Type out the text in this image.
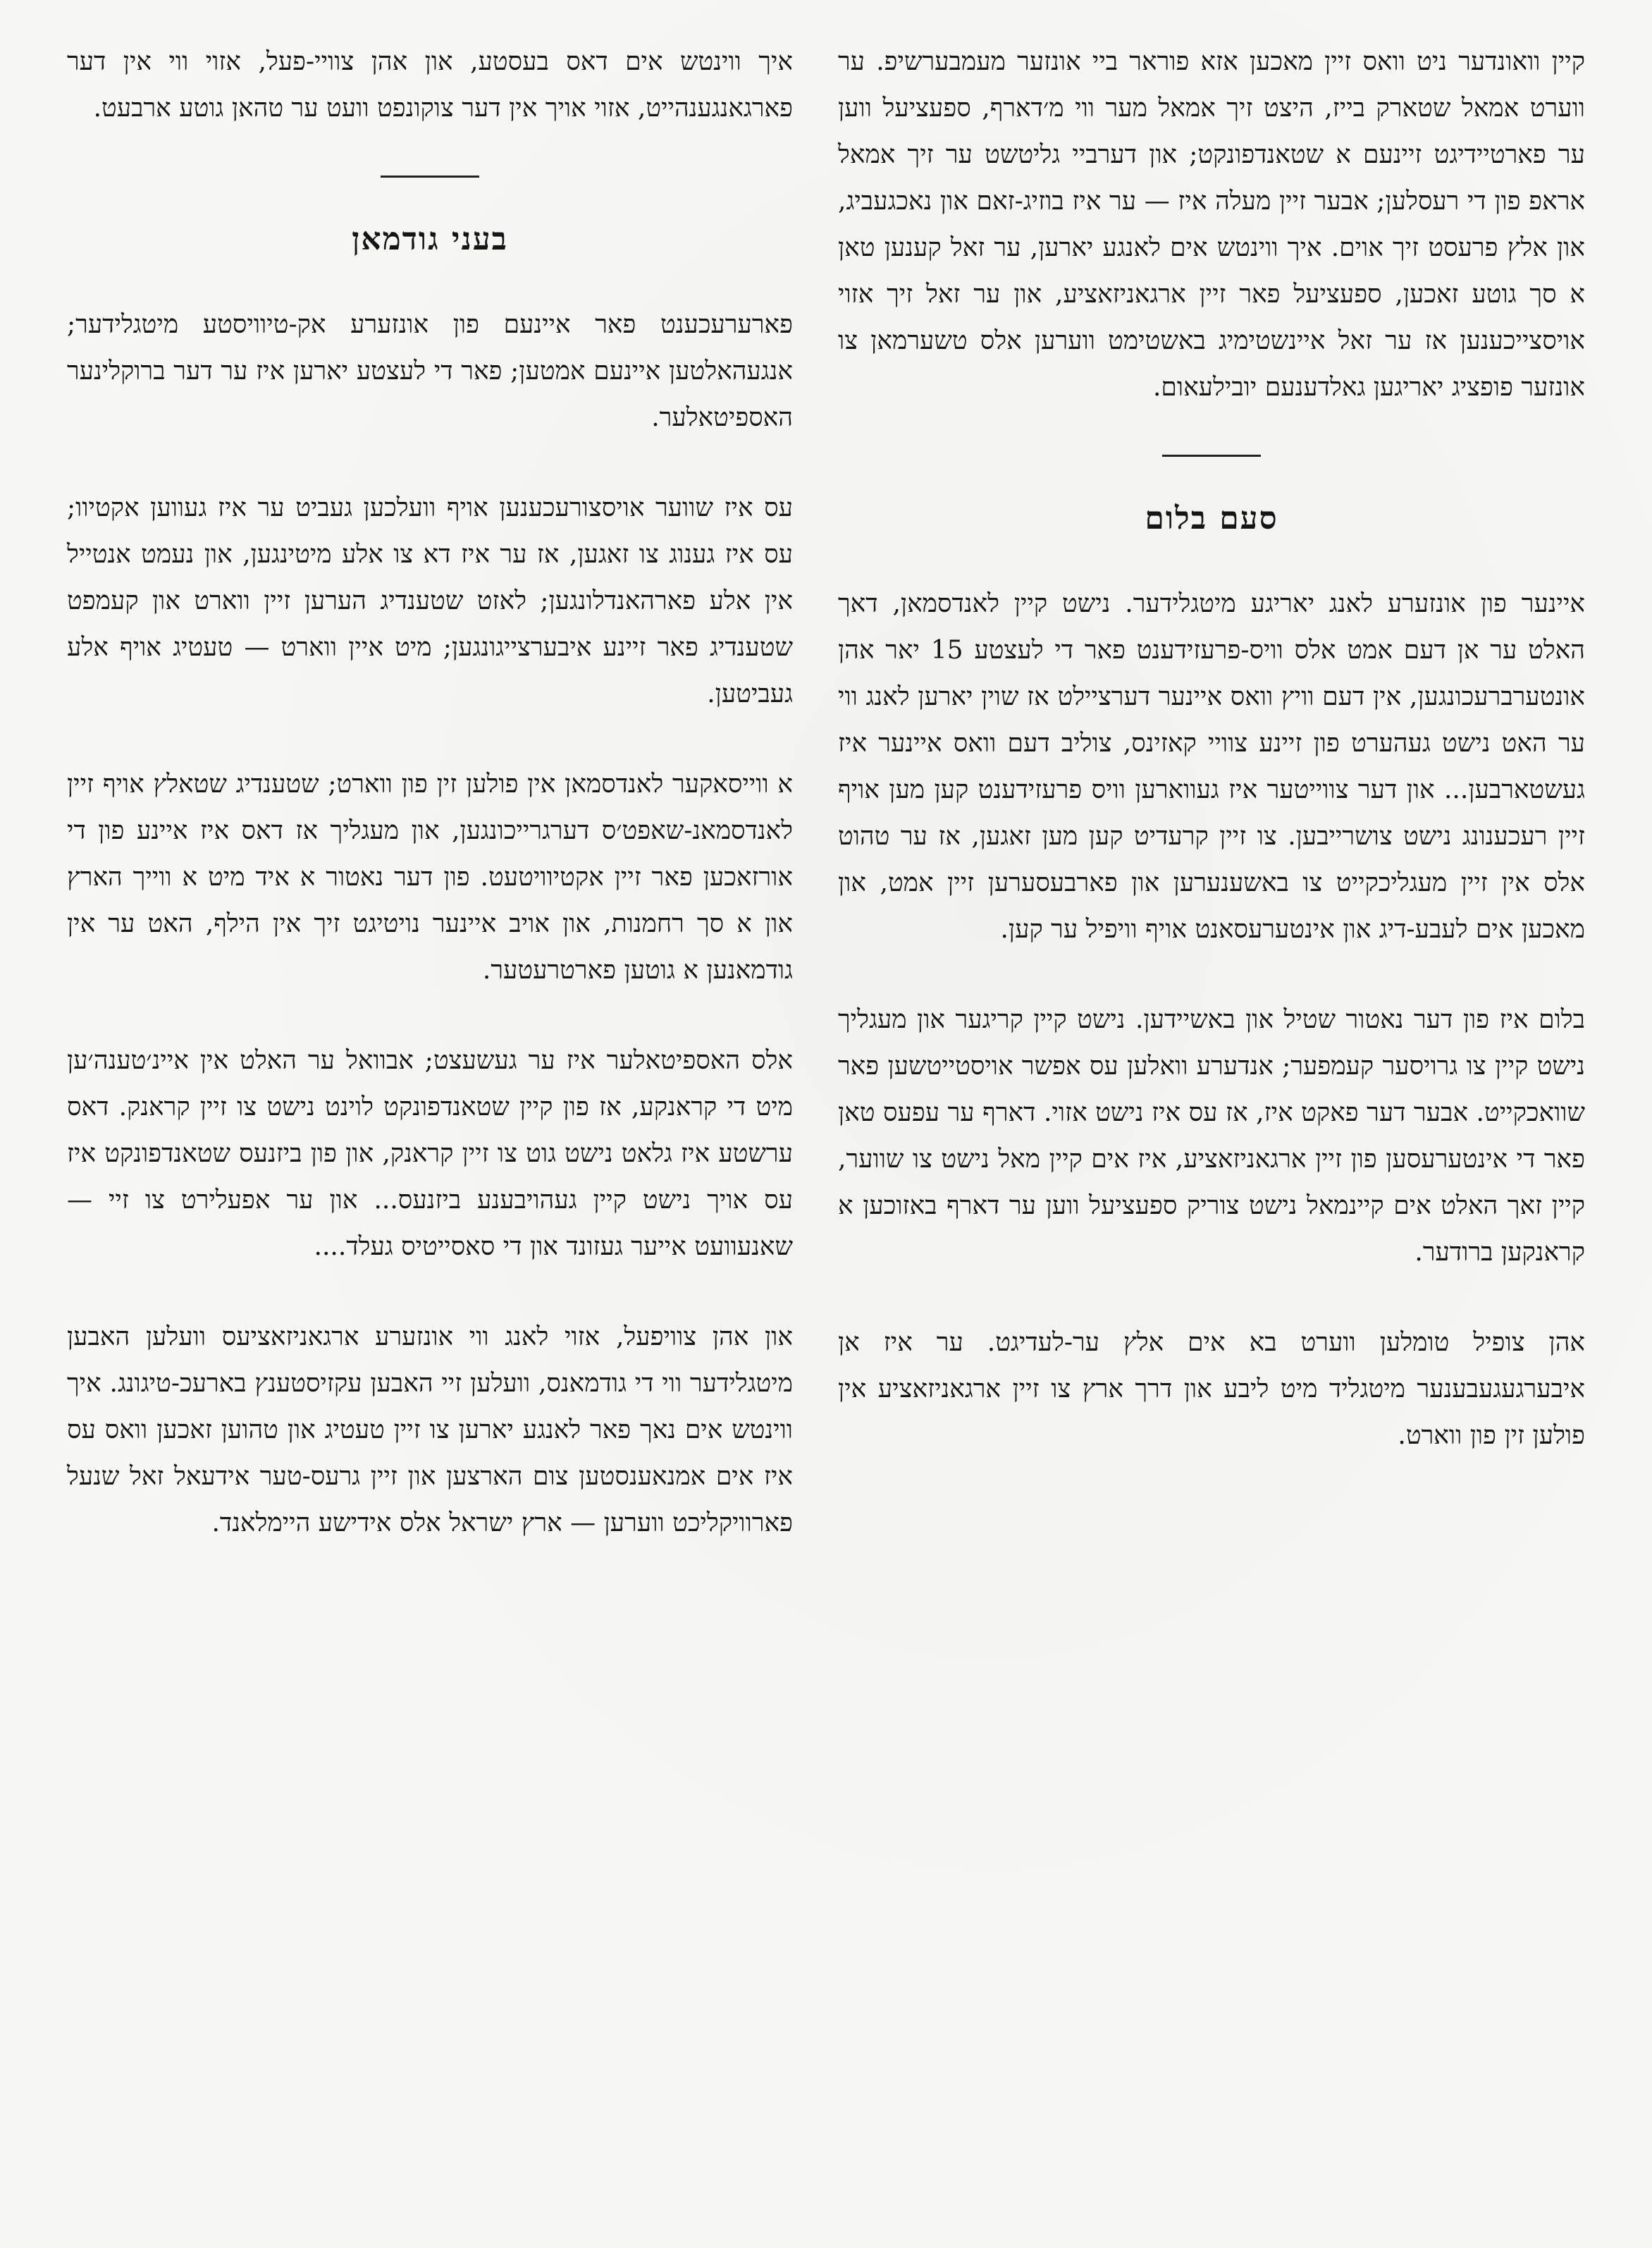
קיין וואונדער ניט וואס זיין מאכען אזא פוראר ביי אונזער מעמבערשיפ. ער ווערט אמאל שטארק בייז, היצט זיך אמאל מער ווי מ׳דארף, ספעציעל ווען ער פארטיידיגט זיינעם א שטאנדפונקט; און דערביי גליטשט ער זיך אמאל אראפ פון די רעסלען; אבער זיין מעלה איז — ער איז בוזיג-זאם און נאכגעביג, און אלץ פרעסט זיך אוים. איך ווינטש אים לאנגע יארען, ער זאל קענען טאן א סך גוטע זאכען, ספעציעל פאר זיין ארגאניזאציע, און ער זאל זיך אזוי אויסצייכענען אז ער זאל איינשטימיג באשטימט ווערען אלס טשערמאן צו אונזער פופציג יאריגען גאלדענעם יובילעאום.

סעם בלום

איינער פון אונזערע לאנג יאריגע מיטגלידער. נישט קיין לאנדסמאן, דאך האלט ער אן דעם אמט אלס וויס-פרעזידענט פאר די לעצטע 15 יאר אהן אונטערברעכונגען, אין דעם וויץ וואס איינער דערציילט אז שוין יארען לאנג ווי ער האט נישט געהערט פון זיינע צוויי קאזינס, צוליב דעם וואס איינער איז געשטארבען... און דער צווייטער איז געווארען וויס פרעזידענט קען מען אויף זיין רעכענונג נישט צושרייבען. צו זיין קרעדיט קען מען זאגען, אז ער טהוט אלס אין זיין מעגליכקייט צו באשענערען און פארבעסערען זיין אמט, און מאכען אים לעבע-דיג און אינטערעסאנט אויף וויפיל ער קען.

בלום איז פון דער נאטור שטיל און באשיידען. נישט קיין קריגער און מעגליך נישט קיין צו גרויסער קעמפער; אנדערע וואלען עס אפשר אויסטייטשען פאר שוואכקייט. אבער דער פאקט איז, אז עס איז נישט אזוי. דארף ער עפעס טאן פאר די אינטערעסען פון זיין ארגאניזאציע, איז אים קיין מאל נישט צו שווער, קיין זאך האלט אים קיינמאל נישט צוריק ספעציעל ווען ער דארף באזוכען א קראנקען ברודער.

אהן צופיל טומלען ווערט בא אים אלץ ער-לעדיגט. ער איז אן איבערגעגעבענער מיטגליד מיט ליבע און דרך ארץ צו זיין ארגאניזאציע אין פולען זין פון ווארט.

איך ווינטש אים דאס בעסטע, און אהן צוויי-פעל, אזוי ווי אין דער פארגאנגענהייט, אזוי אויך אין דער צוקונפט וועט ער טהאן גוטע ארבעט.

בעני גודמאן

פארערעכענט פאר איינעם פון אונזערע אק-טיוויסטע מיטגלידער; אנגעהאלטען איינעם אמטען; פאר די לעצטע יארען איז ער דער ברוקלינער האספיטאלער.

עס איז שווער אויסצורעכענען אויף וועלכען געביט ער איז געווען אקטיוו; עס איז גענוג צו זאגען, אז ער איז דא צו אלע מיטינגען, און נעמט אנטייל אין אלע פארהאנדלונגען; לאזט שטענדיג הערען זיין ווארט און קעמפט שטענדיג פאר זיינע איבערצייגונגען; מיט איין ווארט — טעטיג אויף אלע געביטען.

א ווייסאקער לאנדסמאן אין פולען זין פון ווארט; שטענדיג שטאלץ אויף זיין לאנדסמאנ-שאפט׳ס דערגרייכונגען, און מעגליך אז דאס איז איינע פון די אורזאכען פאר זיין אקטיוויטעט. פון דער נאטור א איד מיט א ווייך הארץ און א סך רחמנות, און אויב איינער נויטיגט זיך אין הילף, האט ער אין גודמאנען א גוטען פארטרעטער.

אלס האספיטאלער איז ער געשעצט; אבוואל ער האלט אין איינ׳טענה׳ען מיט די קראנקע, אז פון קיין שטאנדפונקט לוינט נישט צו זיין קראנק. דאס ערשטע איז גלאט נישט גוט צו זיין קראנק, און פון ביזנעס שטאנדפונקט איז עס אויך נישט קיין געהויבענע ביזנעס... און ער אפעלירט צו זיי — שאנעוועט אייער געזונד און די סאסייטיס געלד....

און אהן צוויפעל, אזוי לאנג ווי אונזערע ארגאניזאציעס וועלען האבען מיטגלידער ווי די גודמאנס, וועלען זיי האבען עקזיסטענץ בארעכ-טיגונג. איך ווינטש אים נאך פאר לאנגע יארען צו זיין טעטיג און טהוען זאכען וואס עס איז אים אמנאענסטען צום הארצען און זיין גרעס-טער אידעאל זאל שנעל פארוויקליכט ווערען — ארץ ישראל אלס אידישע היימלאנד.
